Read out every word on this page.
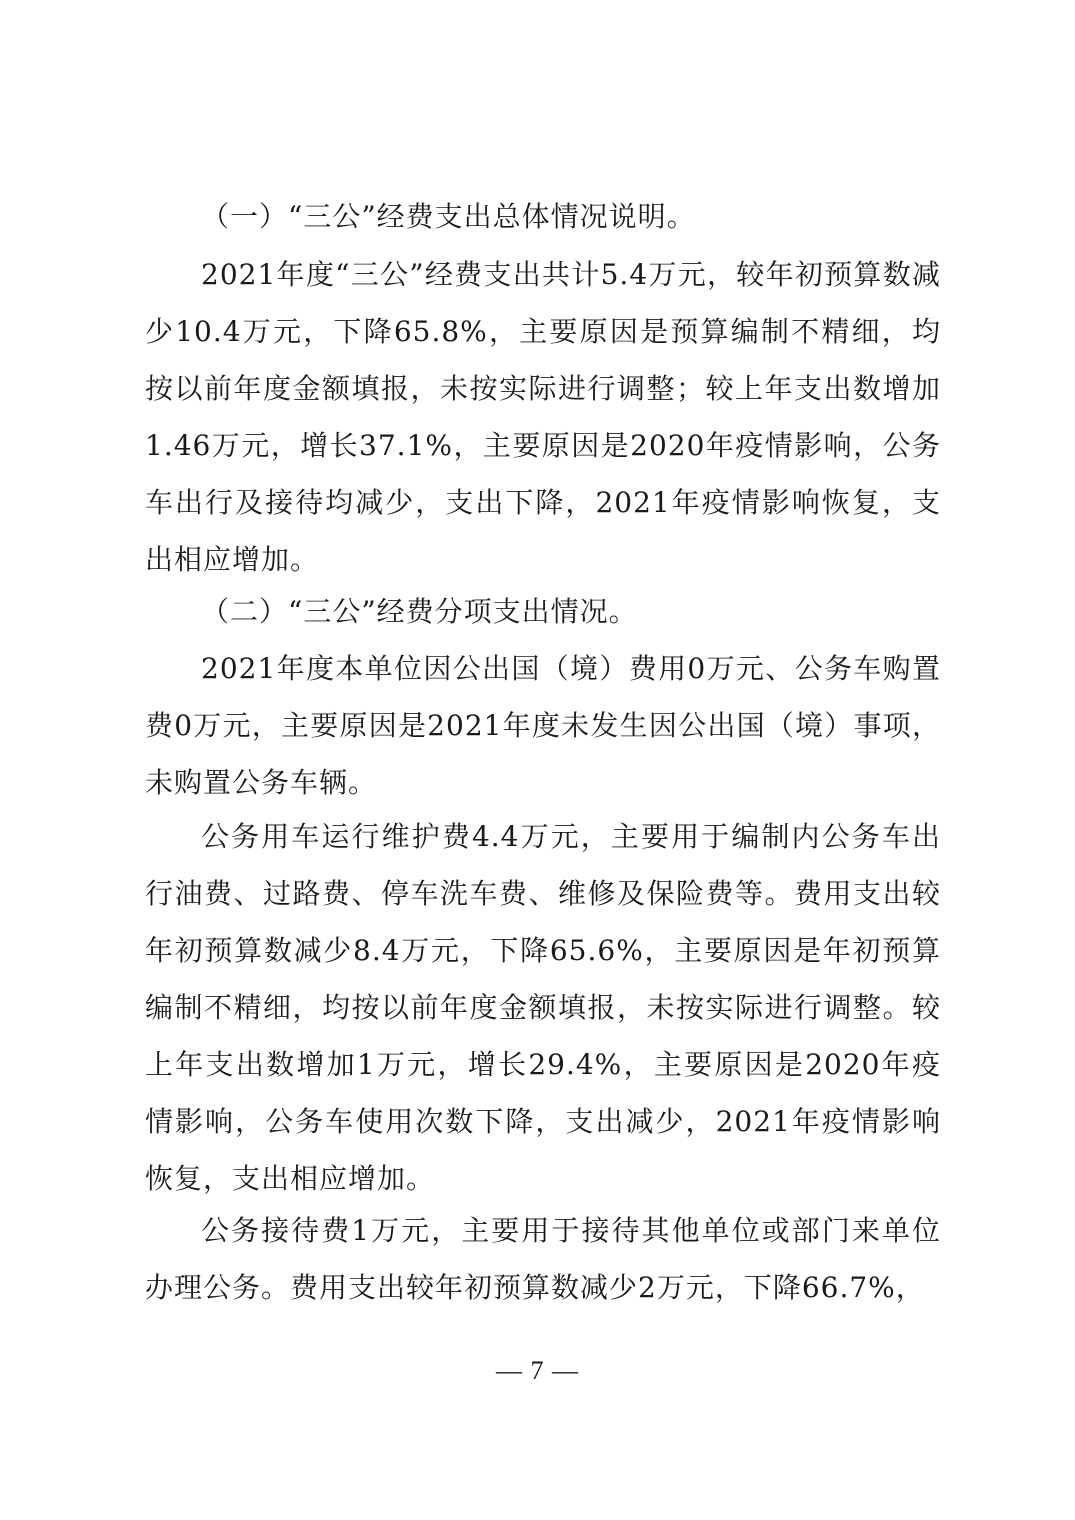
（一）“三公”经费支出总体情况说明。

2021年度“三公”经费支出共计5.4万元，较年初预算数减少10.4万元，下降65.8%，主要原因是预算编制不精细，均按以前年度金额填报，未按实际进行调整；较上年支出数增加1.46万元，增长37.1%，主要原因是2020年疫情影响，公务车出行及接待均减少，支出下降，2021年疫情影响恢复，支出相应增加。

（二）“三公”经费分项支出情况。

2021年度本单位因公出国（境）费用0万元、公务车购置费0万元，主要原因是2021年度未发生因公出国（境）事项，未购置公务车辆。

公务用车运行维护费4.4万元，主要用于编制内公务车出行油费、过路费、停车洗车费、维修及保险费等。费用支出较年初预算数减少8.4万元，下降65.6%，主要原因是年初预算编制不精细，均按以前年度金额填报，未按实际进行调整。较上年支出数增加1万元，增长29.4%，主要原因是2020年疫情影响，公务车使用次数下降，支出减少，2021年疫情影响恢复，支出相应增加。

公务接待费1万元，主要用于接待其他单位或部门来单位办理公务。费用支出较年初预算数减少2万元，下降66.7%，

— 7 —
